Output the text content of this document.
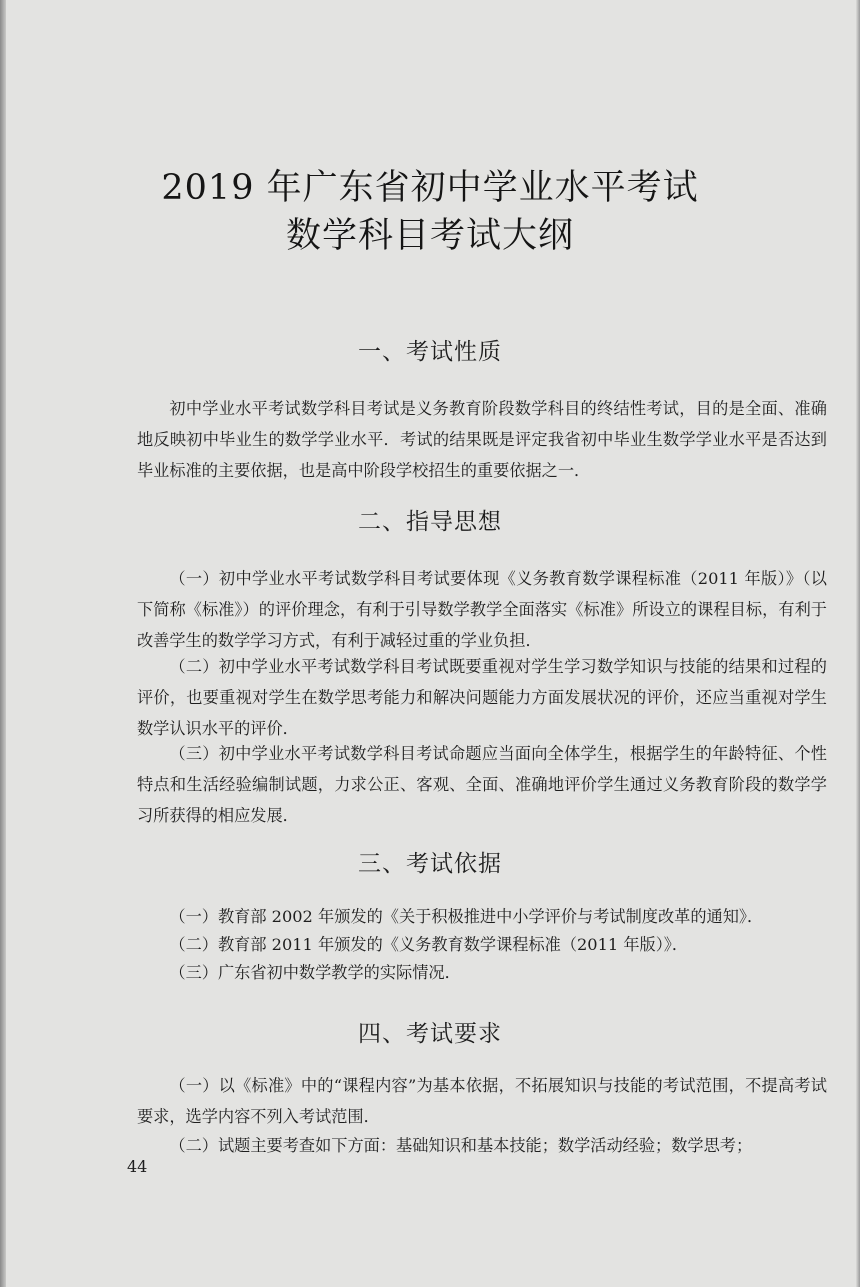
2019 年广东省初中学业水平考试
数学科目考试大纲
一、考试性质

初中学业水平考试数学科目考试是义务教育阶段数学科目的终结性考试，目的是全面、准确地反映初中毕业生的数学学业水平．考试的结果既是评定我省初中毕业生数学学业水平是否达到毕业标准的主要依据，也是高中阶段学校招生的重要依据之一．

二、指导思想

（一）初中学业水平考试数学科目考试要体现《义务教育数学课程标准（2011 年版）》（以下简称《标准》）的评价理念，有利于引导数学教学全面落实《标准》所设立的课程目标，有利于改善学生的数学学习方式，有利于减轻过重的学业负担．

（二）初中学业水平考试数学科目考试既要重视对学生学习数学知识与技能的结果和过程的评价，也要重视对学生在数学思考能力和解决问题能力方面发展状况的评价，还应当重视对学生数学认识水平的评价．

（三）初中学业水平考试数学科目考试命题应当面向全体学生，根据学生的年龄特征、个性特点和生活经验编制试题，力求公正、客观、全面、准确地评价学生通过义务教育阶段的数学学习所获得的相应发展．

三、考试依据

（一）教育部 2002 年颁发的《关于积极推进中小学评价与考试制度改革的通知》．

（二）教育部 2011 年颁发的《义务教育数学课程标准（2011 年版）》．

（三）广东省初中数学教学的实际情况．

四、考试要求

（一）以《标准》中的“课程内容”为基本依据，不拓展知识与技能的考试范围，不提高考试要求，选学内容不列入考试范围．

（二）试题主要考查如下方面：基础知识和基本技能；数学活动经验；数学思考；

44
